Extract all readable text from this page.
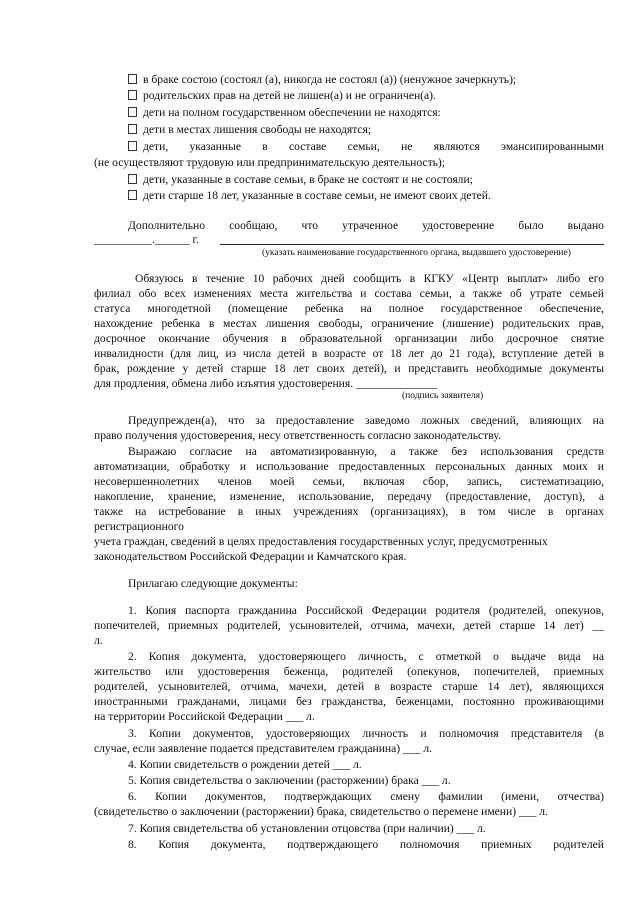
в браке состою (состоял (а), никогда не состоял (а)) (ненужное зачеркнуть);
родительских прав на детей не лишен(а) и не ограничен(а).
дети на полном государственном обеспечении не находятся:
дети в местах лишения свободы не находятся;
дети, указанные в составе семьи, не являются эмансипированными
(не осуществляют трудовую или предпринимательскую деятельность);
дети, указанные в составе семьи, в браке не состоят и не состояли;
дети старше 18 лет, указанные в составе семьи, не имеют своих детей.
Дополнительно сообщаю, что утраченное удостоверение было выдано
__________.______ г.
(указать наименование государственного органа, выдавшего удостоверение)
Обязуюсь в течение 10 рабочих дней сообщить в КГКУ «Центр выплат» либо его
филиал обо всех изменениях места жительства и состава семьи, а также об утрате семьей
статуса многодетной (помещение ребенка на полное государственное обеспечение,
нахождение ребенка в местах лишения свободы, ограничение (лишение) родительских прав,
досрочное окончание обучения в образовательной организации либо досрочное снятие
инвалидности (для лиц, из числа детей в возрасте от 18 лет до 21 года), вступление детей в
брак, рождение у детей старше 18 лет своих детей), и представить необходимые документы
для продления, обмена либо изъятия удостоверения. ______________
(подпись заявителя)
Предупрежден(а), что за предоставление заведомо ложных сведений, влияющих на
право получения удостоверения, несу ответственность согласно законодательству.
Выражаю согласие на автоматизированную, а также без использования средств
автоматизации, обработку и использование предоставленных персональных данных моих и
несовершеннолетних членов моей семьи, включая сбор, запись, систематизацию,
накопление, хранение, изменение, использование, передачу (предоставление, доступ), а
также на истребование в иных учреждениях (организациях), в том числе в органах
регистрационного
учета граждан, сведений в целях предоставления государственных услуг, предусмотренных
законодательством Российской Федерации и Камчатского края.
Прилагаю следующие документы:
1. Копия паспорта гражданина Российской Федерации родителя (родителей, опекунов,
попечителей, приемных родителей, усыновителей, отчима, мачехи, детей старше 14 лет) __
л.
2. Копия документа, удостоверяющего личность, с отметкой о выдаче вида на
жительство или удостоверения беженца, родителей (опекунов, попечителей, приемных
родителей, усыновителей, отчима, мачехи, детей в возрасте старше 14 лет), являющихся
иностранными гражданами, лицами без гражданства, беженцами, постоянно проживающими
на территории Российской Федерации ___ л.
3. Копии документов, удостоверяющих личность и полномочия представителя (в
случае, если заявление подается представителем гражданина) ___ л.
4. Копии свидетельств о рождении детей ___ л.
5. Копия свидетельства о заключении (расторжении) брака ___ л.
6. Копии документов, подтверждающих смену фамилии (имени, отчества)
(свидетельство о заключении (расторжении) брака, свидетельство о перемене имени) ___ л.
7. Копия свидетельства об установлении отцовства (при наличии) ___ л.
8. Копия документа, подтверждающего полномочия приемных родителей
